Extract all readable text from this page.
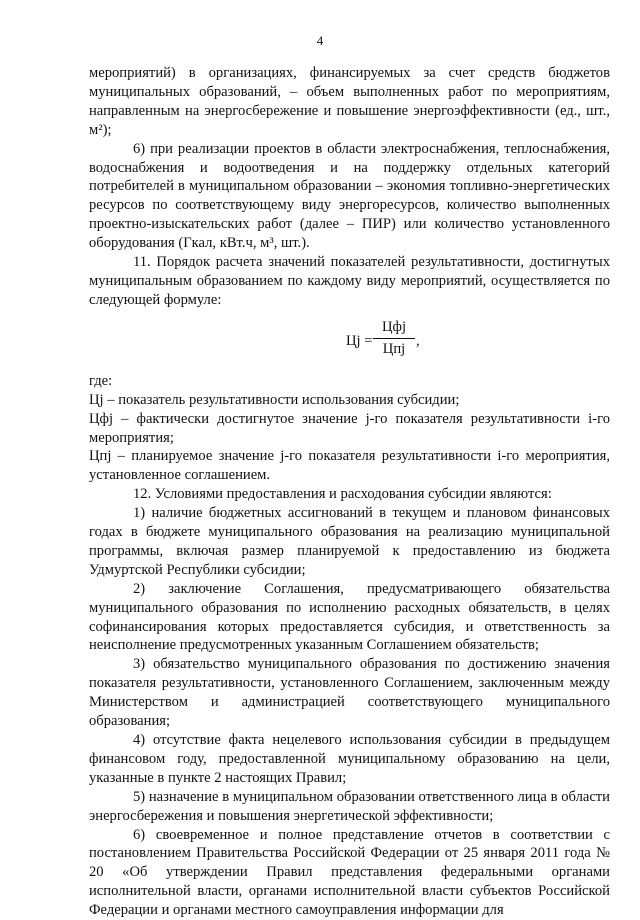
4

мероприятий) в организациях, финансируемых за счет средств бюджетов муниципальных образований, – объем выполненных работ по мероприятиям, направленным на энергосбережение и повышение энергоэффективности (ед., шт., м²);

6) при реализации проектов в области электроснабжения, теплоснабжения, водоснабжения и водоотведения и на поддержку отдельных категорий потребителей в муниципальном образовании – экономия топливно-энергетических ресурсов по соответствующему виду энергоресурсов, количество выполненных проектно-изыскательских работ (далее – ПИР) или количество установленного оборудования (Гкал, кВт.ч, м³, шт.).

11. Порядок расчета значений показателей результативности, достигнутых муниципальным образованием по каждому виду мероприятий, осуществляется по следующей формуле:

Цj =
Цфj
Цпj ,

где:

Цj – показатель результативности использования субсидии;

Цфj – фактически достигнутое значение j-го показателя результативности i-го мероприятия;

Цпj – планируемое значение j-го показателя результативности i-го мероприятия, установленное соглашением.

12. Условиями предоставления и расходования субсидии являются:

1) наличие бюджетных ассигнований в текущем и плановом финансовых годах в бюджете муниципального образования на реализацию муниципальной программы, включая размер планируемой к предоставлению из бюджета Удмуртской Республики субсидии;

2) заключение Соглашения, предусматривающего обязательства муниципального образования по исполнению расходных обязательств, в целях софинансирования которых предоставляется субсидия, и ответственность за неисполнение предусмотренных указанным Соглашением обязательств;

3) обязательство муниципального образования по достижению значения показателя результативности, установленного Соглашением, заключенным между Министерством и администрацией соответствующего муниципального образования;

4) отсутствие факта нецелевого использования субсидии в предыдущем финансовом году, предоставленной муниципальному образованию на цели, указанные в пункте 2 настоящих Правил;

5) назначение в муниципальном образовании ответственного лица в области энергосбережения и повышения энергетической эффективности;

6) своевременное и полное представление отчетов в соответствии с постановлением Правительства Российской Федерации от 25 января 2011 года № 20 «Об утверждении Правил представления федеральными органами исполнительной власти, органами исполнительной власти субъектов Российской Федерации и органами местного самоуправления информации для
